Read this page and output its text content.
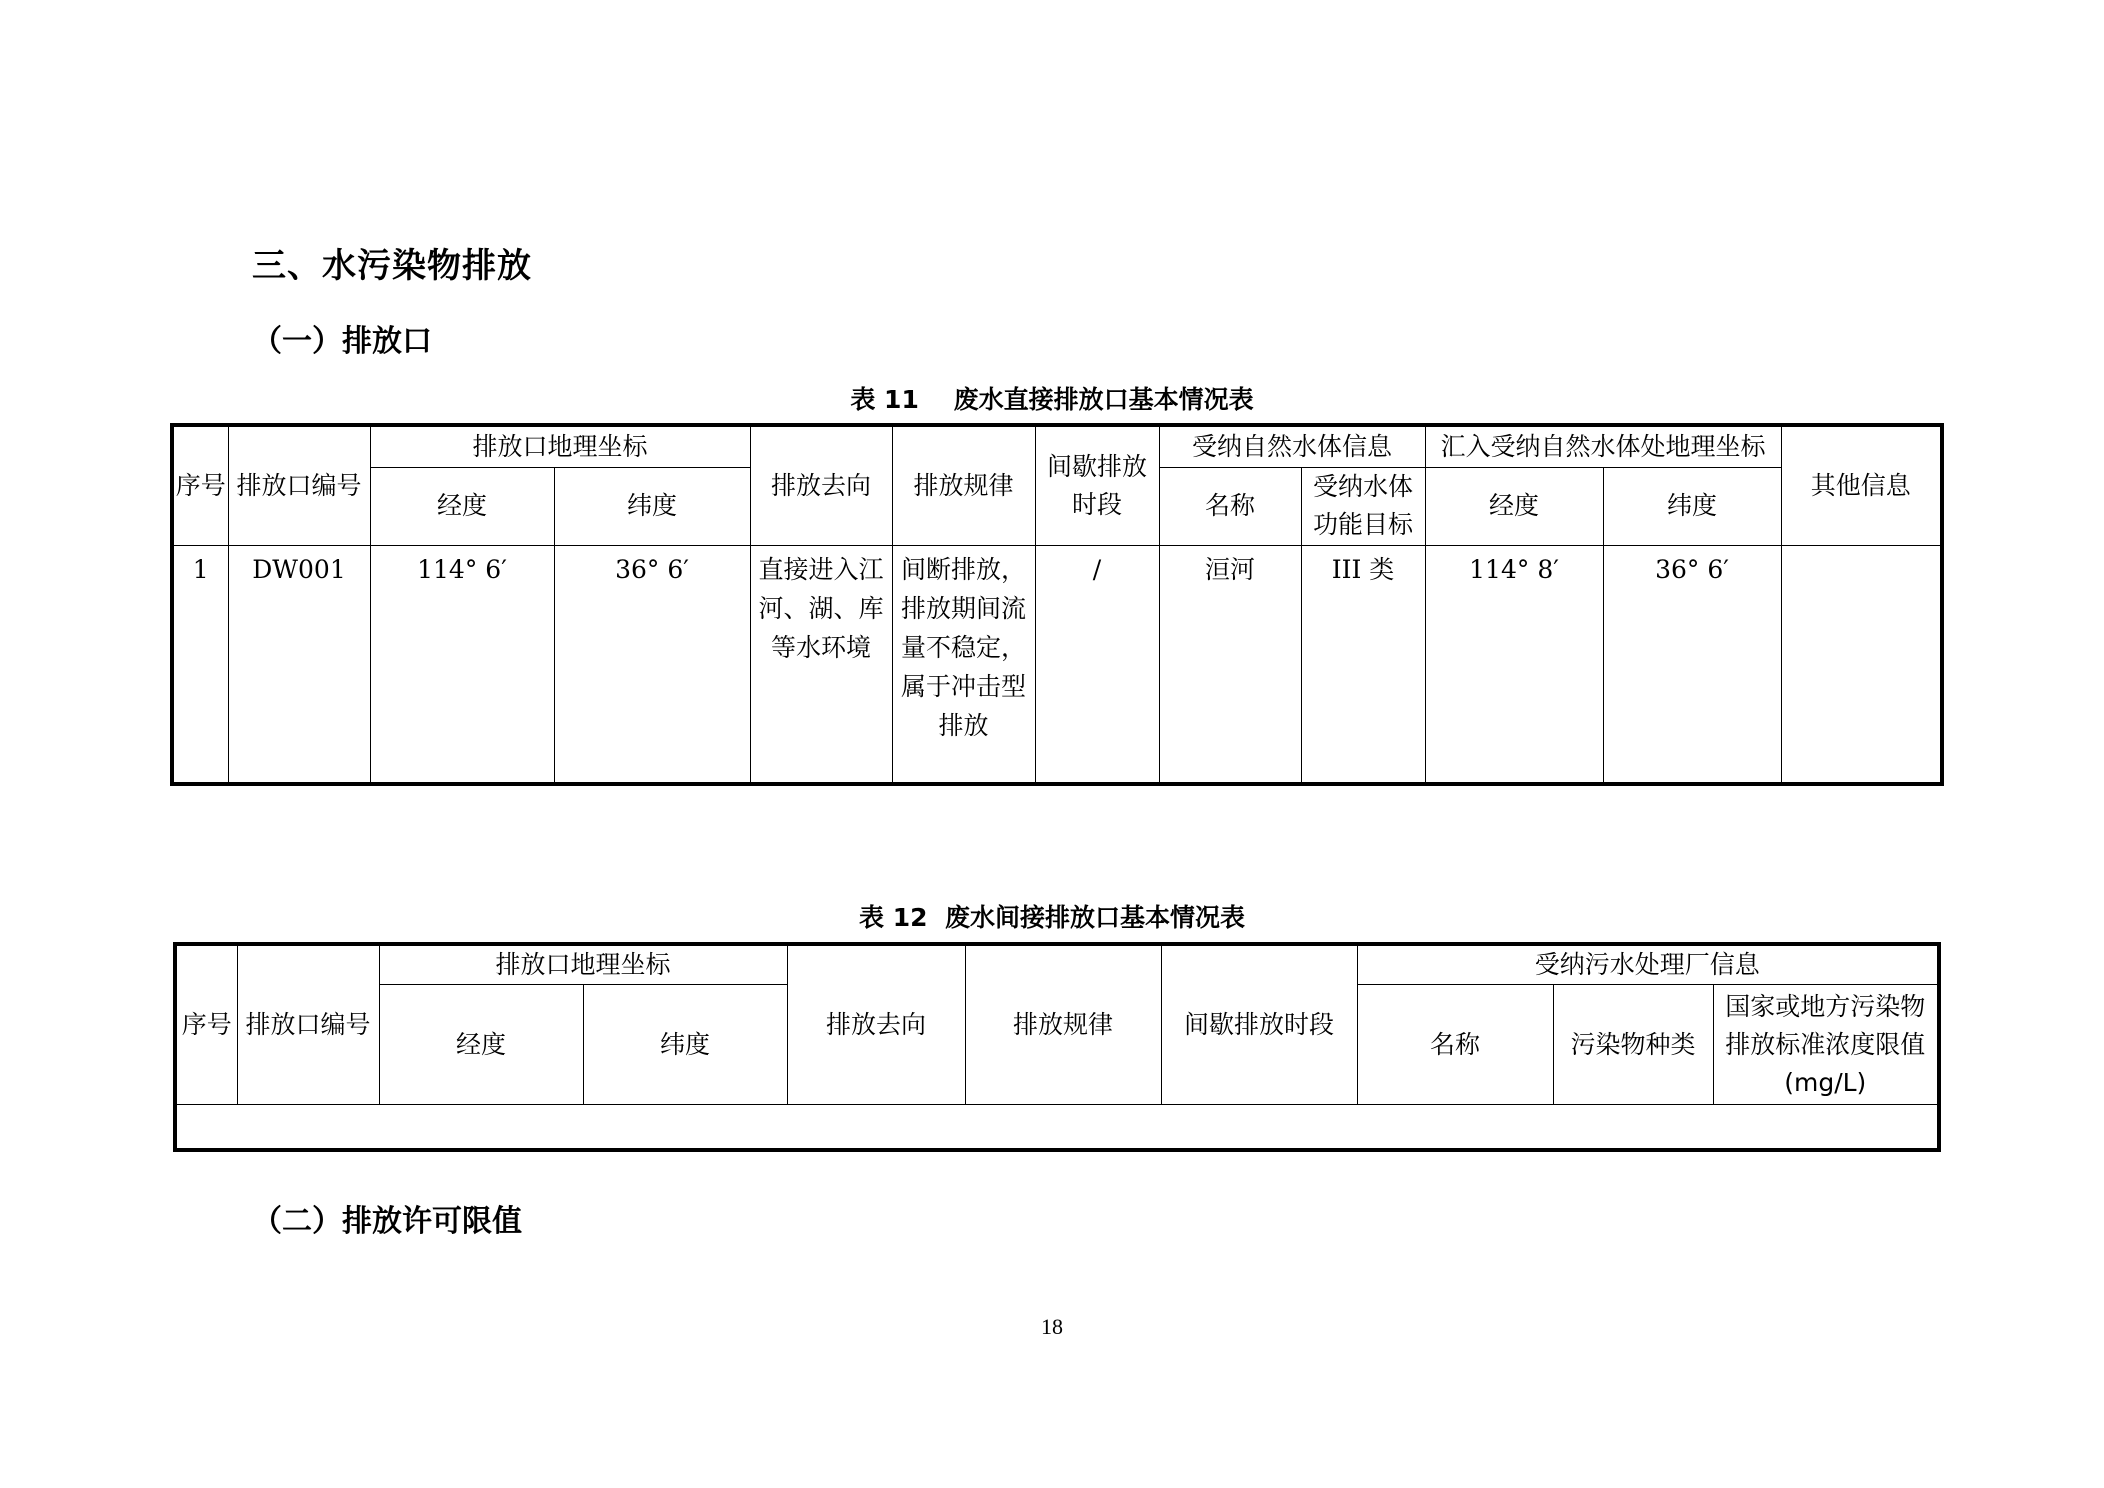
三、水污染物排放
（一）排放口
表 11    废水直接排放口基本情况表
序号	排放口编号	排放口地理坐标		排放去向	排放规律	间歇排放时段	受纳自然水体信息		汇入受纳自然水体处地理坐标		其他信息
		经度	纬度				名称	受纳水体功能目标	经度	纬度	
1	DW001	114° 6′	36° 6′	直接进入江河、湖、库等水环境	间断排放，排放期间流量不稳定，属于冲击型排放	/	洹河	III 类	114° 8′	36° 6′	
表 12  废水间接排放口基本情况表
序号	排放口编号	排放口地理坐标		排放去向	排放规律	间歇排放时段	受纳污水处理厂信息		
		经度	纬度				名称	污染物种类	国家或地方污染物排放标准浓度限值(mg/L)

（二）排放许可限值
18
